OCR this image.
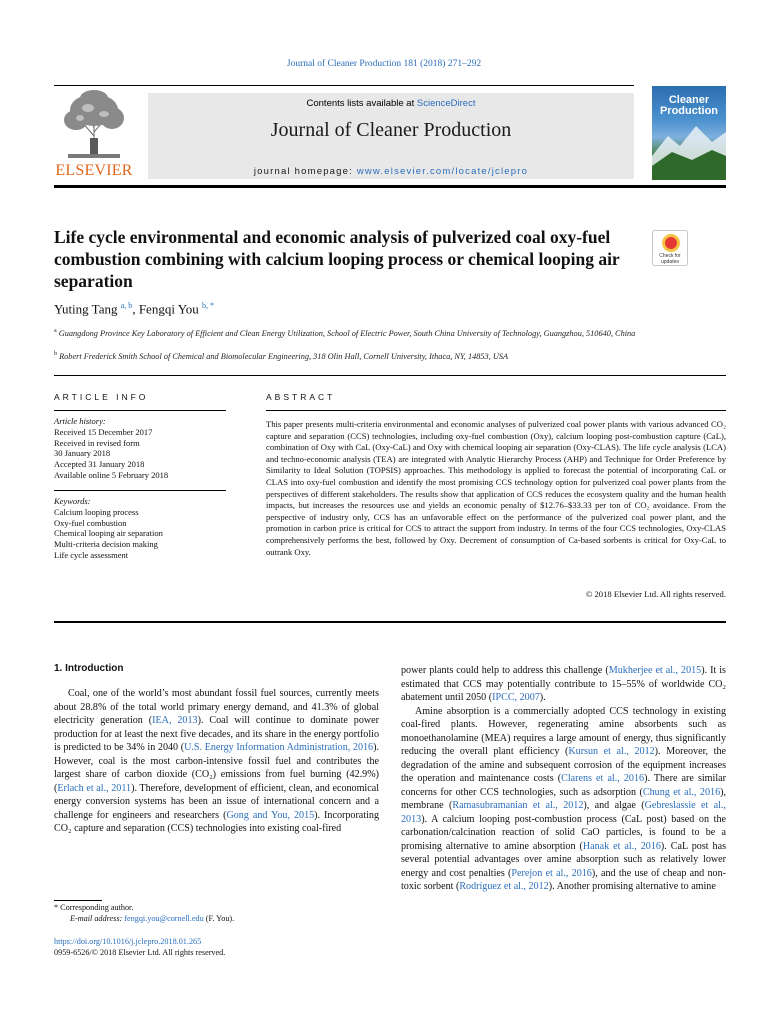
Journal of Cleaner Production 181 (2018) 271–292
ELSEVIER
Contents lists available at ScienceDirect
Journal of Cleaner Production
journal homepage: www.elsevier.com/locate/jclepro
Cleaner Production
Check for updates
Life cycle environmental and economic analysis of pulverized coal oxy-fuel combustion combining with calcium looping process or chemical looping air separation
Yuting Tang $^{a, b}$, Fengqi You $^{b, *}$
$^a$ Guangdong Province Key Laboratory of Efficient and Clean Energy Utilization, School of Electric Power, South China University of Technology, Guangzhou, 510640, China
$^b$ Robert Frederick Smith School of Chemical and Biomolecular Engineering, 318 Olin Hall, Cornell University, Ithaca, NY, 14853, USA
ARTICLE INFO	ABSTRACT
Article history:
Received 15 December 2017
Received in revised form
30 January 2018
Accepted 31 January 2018
Available online 5 February 2018
Keywords:
Calcium looping process
Oxy-fuel combustion
Chemical looping air separation
Multi-criteria decision making
Life cycle assessment
This paper presents multi-criteria environmental and economic analyses of pulverized coal power plants with various advanced CO₂ capture and separation (CCS) technologies, including oxy-fuel combustion (Oxy), calcium looping post-combustion capture (CaL), combination of Oxy with CaL (Oxy-CaL) and Oxy with chemical looping air separation (Oxy-CLAS). The life cycle analysis (LCA) and techno-economic analysis (TEA) are integrated with Analytic Hierarchy Process (AHP) and Technique for Order Preference by Similarity to Ideal Solution (TOPSIS) approaches. This methodology is applied to forecast the potential of incorporating CaL or CLAS into oxy-fuel combustion and identify the most promising CCS technology option for pulverized coal power plants from the perspectives of different stakeholders. The results show that application of CCS reduces the ecosystem quality and the human health impacts, but increases the resources use and yields an economic penalty of $12.76–$33.33 per ton of CO₂ avoidance. From the perspective of industry only, CCS has an unfavorable effect on the performance of the pulverized coal power plant, and the promotion in carbon price is critical for CCS to attract the support from industry. In terms of the four CCS technologies, Oxy-CLAS comprehensively performs the best, followed by Oxy. Decrement of consumption of Ca-based sorbents is critical for Oxy-CaL to outrank Oxy.
© 2018 Elsevier Ltd. All rights reserved.
1. Introduction

Coal, one of the world’s most abundant fossil fuel sources, currently meets about 28.8% of the total world primary energy demand, and 41.3% of global electricity generation (IEA, 2013). Coal will continue to dominate power production for at least the next five decades, and its share in the energy portfolio is predicted to be 34% in 2040 (U.S. Energy Information Administration, 2016). However, coal is the most carbon-intensive fossil fuel and contributes the largest share of carbon dioxide (CO₂) emissions from fuel burning (42.9%) (Erlach et al., 2011). Therefore, development of efficient, clean, and economical energy conversion systems has been an issue of international concern and a challenge for engineers and researchers (Gong and You, 2015). Incorporating CO₂ capture and separation (CCS) technologies into existing coal-fired

power plants could help to address this challenge (Mukherjee et al., 2015). It is estimated that CCS may potentially contribute to 15–55% of worldwide CO₂ abatement until 2050 (IPCC, 2007).

Amine absorption is a commercially adopted CCS technology in existing coal-fired plants. However, regenerating amine absorbents such as monoethanolamine (MEA) requires a large amount of energy, thus significantly reducing the overall plant efficiency (Kursun et al., 2012). Moreover, the degradation of the amine and subsequent corrosion of the equipment increases the operation and maintenance costs (Clarens et al., 2016). There are similar concerns for other CCS technologies, such as adsorption (Chung et al., 2016), membrane (Ramasubramanian et al., 2012), and algae (Gebreslassie et al., 2013). A calcium looping post-combustion process (CaL post) based on the carbonation/calcination reaction of solid CaO particles, is found to be a promising alternative to amine absorption (Hanak et al., 2016). CaL post has several potential advantages over amine absorption such as relatively lower energy and cost penalties (Perejon et al., 2016), and the use of cheap and non-toxic sorbent (Rodríguez et al., 2012). Another promising alternative to amine

* Corresponding author.
E-mail address: fengqi.you@cornell.edu (F. You).
https://doi.org/10.1016/j.jclepro.2018.01.265
0959-6526/© 2018 Elsevier Ltd. All rights reserved.
